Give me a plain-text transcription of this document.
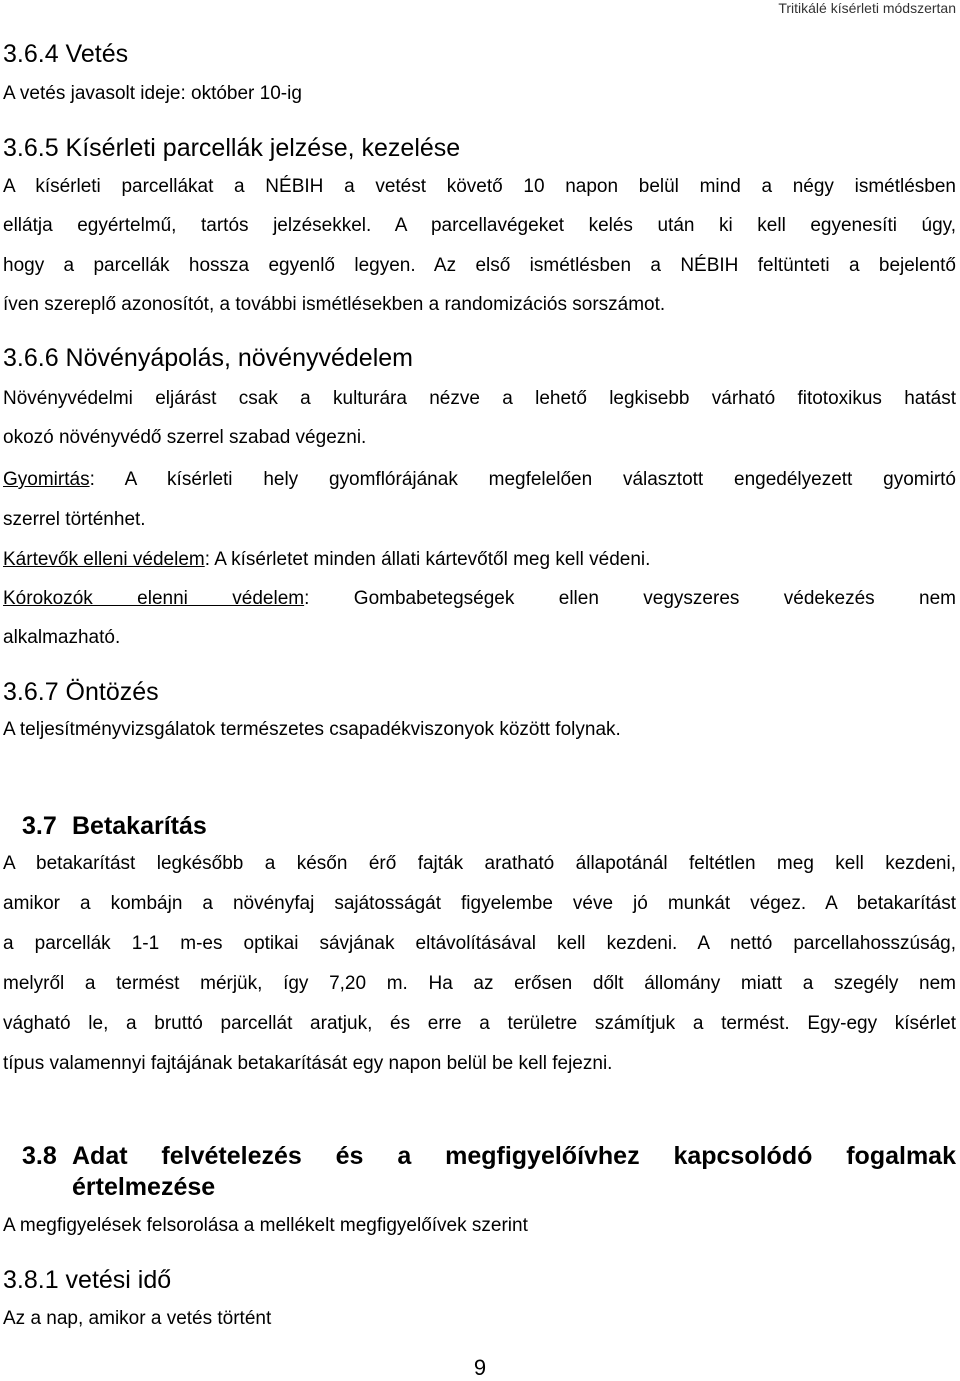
Tritikálé kísérleti módszertan
3.6.4 Vetés
A vetés javasolt ideje: október 10-ig
3.6.5 Kísérleti parcellák jelzése, kezelése
A kísérleti parcellákat a NÉBIH a vetést követő 10 napon belül mind a négy ismétlésben
ellátja egyértelmű, tartós jelzésekkel. A parcellavégeket kelés után ki kell egyenesíti úgy,
hogy a parcellák hossza egyenlő legyen. Az első ismétlésben a NÉBIH feltünteti a bejelentő
íven szereplő azonosítót, a további ismétlésekben a randomizációs sorszámot.
3.6.6 Növényápolás, növényvédelem
Növényvédelmi eljárást csak a kulturára nézve a lehető legkisebb várható fitotoxikus hatást
okozó növényvédő szerrel szabad végezni.
Gyomirtás: A kísérleti hely gyomflórájának megfelelően választott engedélyezett gyomirtó
szerrel történhet.
Kártevők elleni védelem: A kísérletet minden állati kártevőtől meg kell védeni.
Kórokozók elenni védelem: Gombabetegségek ellen vegyszeres védekezés nem
alkalmazható.
3.6.7 Öntözés
A teljesítményvizsgálatok természetes csapadékviszonyok között folynak.
3.7 Betakarítás
A betakarítást legkésőbb a későn érő fajták aratható állapotánál feltétlen meg kell kezdeni,
amikor a kombájn a növényfaj sajátosságát figyelembe véve jó munkát végez. A betakarítást
a parcellák 1-1 m-es optikai sávjának eltávolításával kell kezdeni. A nettó parcellahosszúság,
melyről a termést mérjük, így 7,20 m. Ha az erősen dőlt állomány miatt a szegély nem
vágható le, a bruttó parcellát aratjuk, és erre a területre számítjuk a termést. Egy-egy kísérlet
típus valamennyi fajtájának betakarítását egy napon belül be kell fejezni.
3.8 Adat felvételezés és a megfigyelőívhez kapcsolódó fogalmak
értelmezése
A megfigyelések felsorolása a mellékelt megfigyelőívek szerint
3.8.1 vetési idő
Az a nap, amikor a vetés történt
9
